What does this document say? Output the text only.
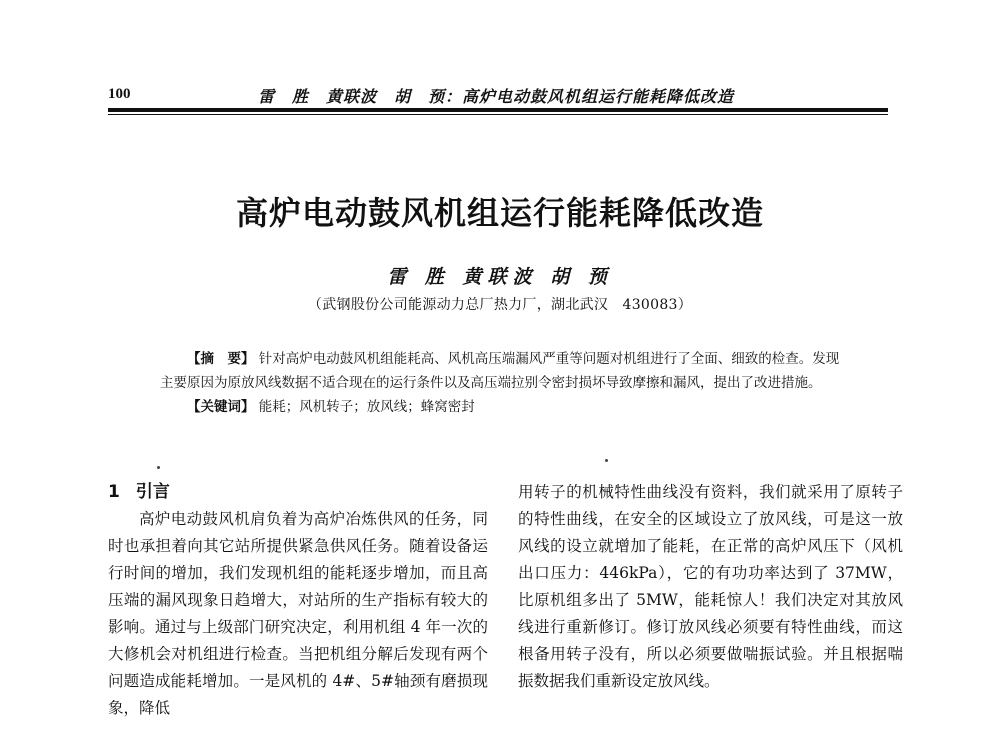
100	雷　胜　黄联波　胡　预：高炉电动鼓风机组运行能耗降低改造
高炉电动鼓风机组运行能耗降低改造
雷 胜 黄联波 胡 预
（武钢股份公司能源动力总厂热力厂，湖北武汉　430083）

【摘　要】 针对高炉电动鼓风机组能耗高、风机高压端漏风严重等问题对机组进行了全面、细致的检查。发现主要原因为原放风线数据不适合现在的运行条件以及高压端拉别令密封损坏导致摩擦和漏风，提出了改进措施。

【关键词】 能耗；风机转子；放风线；蜂窝密封

1 引言

高炉电动鼓风机肩负着为高炉冶炼供风的任务，同时也承担着向其它站所提供紧急供风任务。随着设备运行时间的增加，我们发现机组的能耗逐步增加，而且高压端的漏风现象日趋增大，对站所的生产指标有较大的影响。通过与上级部门研究决定，利用机组 4 年一次的大修机会对机组进行检查。当把机组分解后发现有两个问题造成能耗增加。一是风机的 4#、5#轴颈有磨损现象，降低

用转子的机械特性曲线没有资料，我们就采用了原转子的特性曲线，在安全的区域设立了放风线，可是这一放风线的设立就增加了能耗，在正常的高炉风压下（风机出口压力：446kPa），它的有功功率达到了 37MW，比原机组多出了 5MW，能耗惊人！我们决定对其放风线进行重新修订。修订放风线必须要有特性曲线，而这根备用转子没有，所以必须要做喘振试验。并且根据喘振数据我们重新设定放风线。
